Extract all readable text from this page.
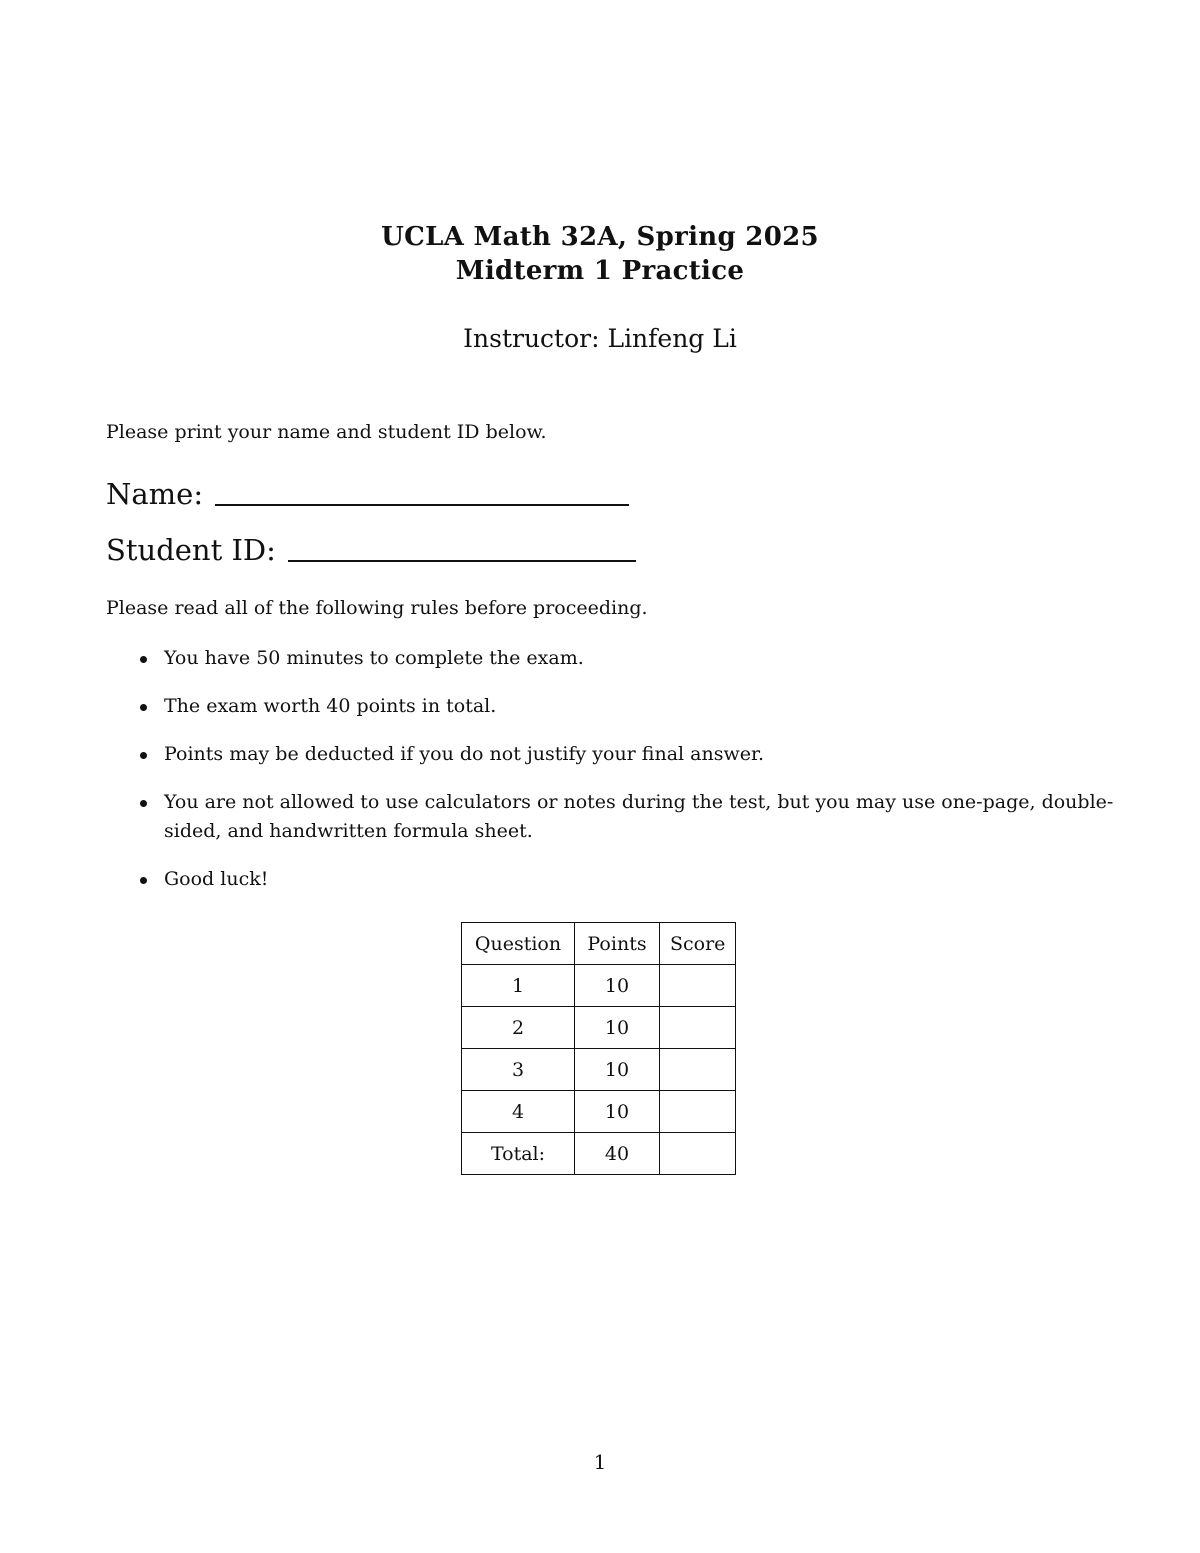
UCLA Math 32A, Spring 2025
Midterm 1 Practice
Instructor: Linfeng Li
Please print your name and student ID below.
Name:
Student ID:
Please read all of the following rules before proceeding.
You have 50 minutes to complete the exam.
The exam worth 40 points in total.
Points may be deducted if you do not justify your final answer.
You are not allowed to use calculators or notes during the test, but you may use one-page, double-sided, and handwritten formula sheet.
Good luck!
Question	Points	Score
1	10	
2	10	
3	10	
4	10	
Total:	40	
1
